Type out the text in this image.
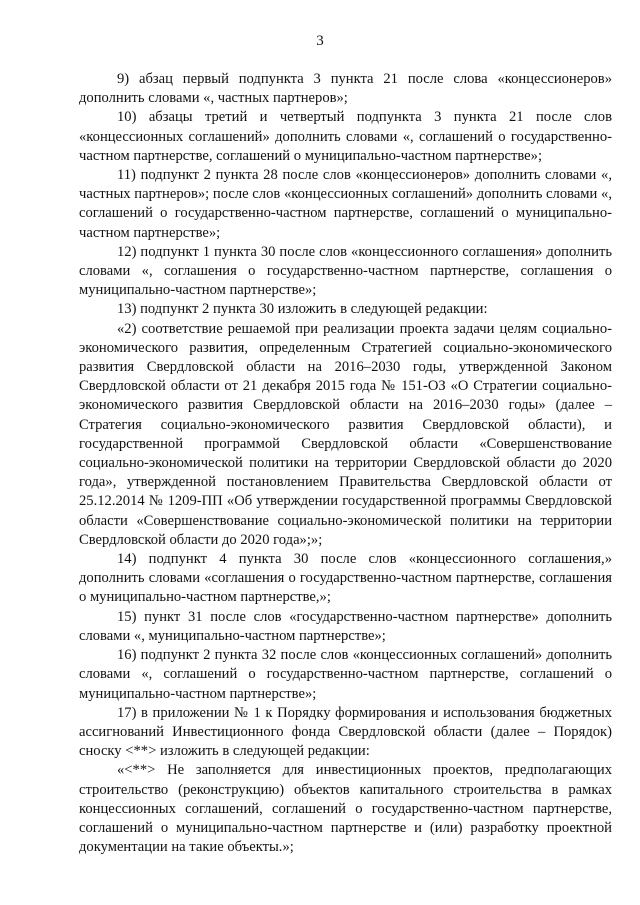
3

9) абзац первый подпункта 3 пункта 21 после слова «концессионеров» дополнить словами «, частных партнеров»;

10) абзацы третий и четвертый подпункта 3 пункта 21 после слов «концессионных соглашений» дополнить словами «, соглашений о государственно-частном партнерстве, соглашений о муниципально-частном партнерстве»;

11) подпункт 2 пункта 28 после слов «концессионеров» дополнить словами «, частных партнеров»; после слов «концессионных соглашений» дополнить словами «, соглашений о государственно-частном партнерстве, соглашений о муниципально-частном партнерстве»;

12) подпункт 1 пункта 30 после слов «концессионного соглашения» дополнить словами «, соглашения о государственно-частном партнерстве, соглашения о муниципально-частном партнерстве»;

13) подпункт 2 пункта 30 изложить в следующей редакции:

«2) соответствие решаемой при реализации проекта задачи целям социально-экономического развития, определенным Стратегией социально-экономического развития Свердловской области на 2016–2030 годы, утвержденной Законом Свердловской области от 21 декабря 2015 года № 151-ОЗ «О Стратегии социально-экономического развития Свердловской области на 2016–2030 годы» (далее – Стратегия социально-экономического развития Свердловской области), и государственной программой Свердловской области «Совершенствование социально-экономической политики на территории Свердловской области до 2020 года», утвержденной постановлением Правительства Свердловской области от 25.12.2014 № 1209-ПП «Об утверждении государственной программы Свердловской области «Совершенствование социально-экономической политики на территории Свердловской области до 2020 года»;»;

14) подпункт 4 пункта 30 после слов «концессионного соглашения,» дополнить словами «соглашения о государственно-частном партнерстве, соглашения о муниципально-частном партнерстве,»;

15) пункт 31 после слов «государственно-частном партнерстве» дополнить словами «, муниципально-частном партнерстве»;

16) подпункт 2 пункта 32 после слов «концессионных соглашений» дополнить словами «, соглашений о государственно-частном партнерстве, соглашений о муниципально-частном партнерстве»;

17) в приложении № 1 к Порядку формирования и использования бюджетных ассигнований Инвестиционного фонда Свердловской области (далее – Порядок) сноску <**> изложить в следующей редакции:

«<**> Не заполняется для инвестиционных проектов, предполагающих строительство (реконструкцию) объектов капитального строительства в рамках концессионных соглашений, соглашений о государственно-частном партнерстве, соглашений о муниципально-частном партнерстве и (или) разработку проектной документации на такие объекты.»;
